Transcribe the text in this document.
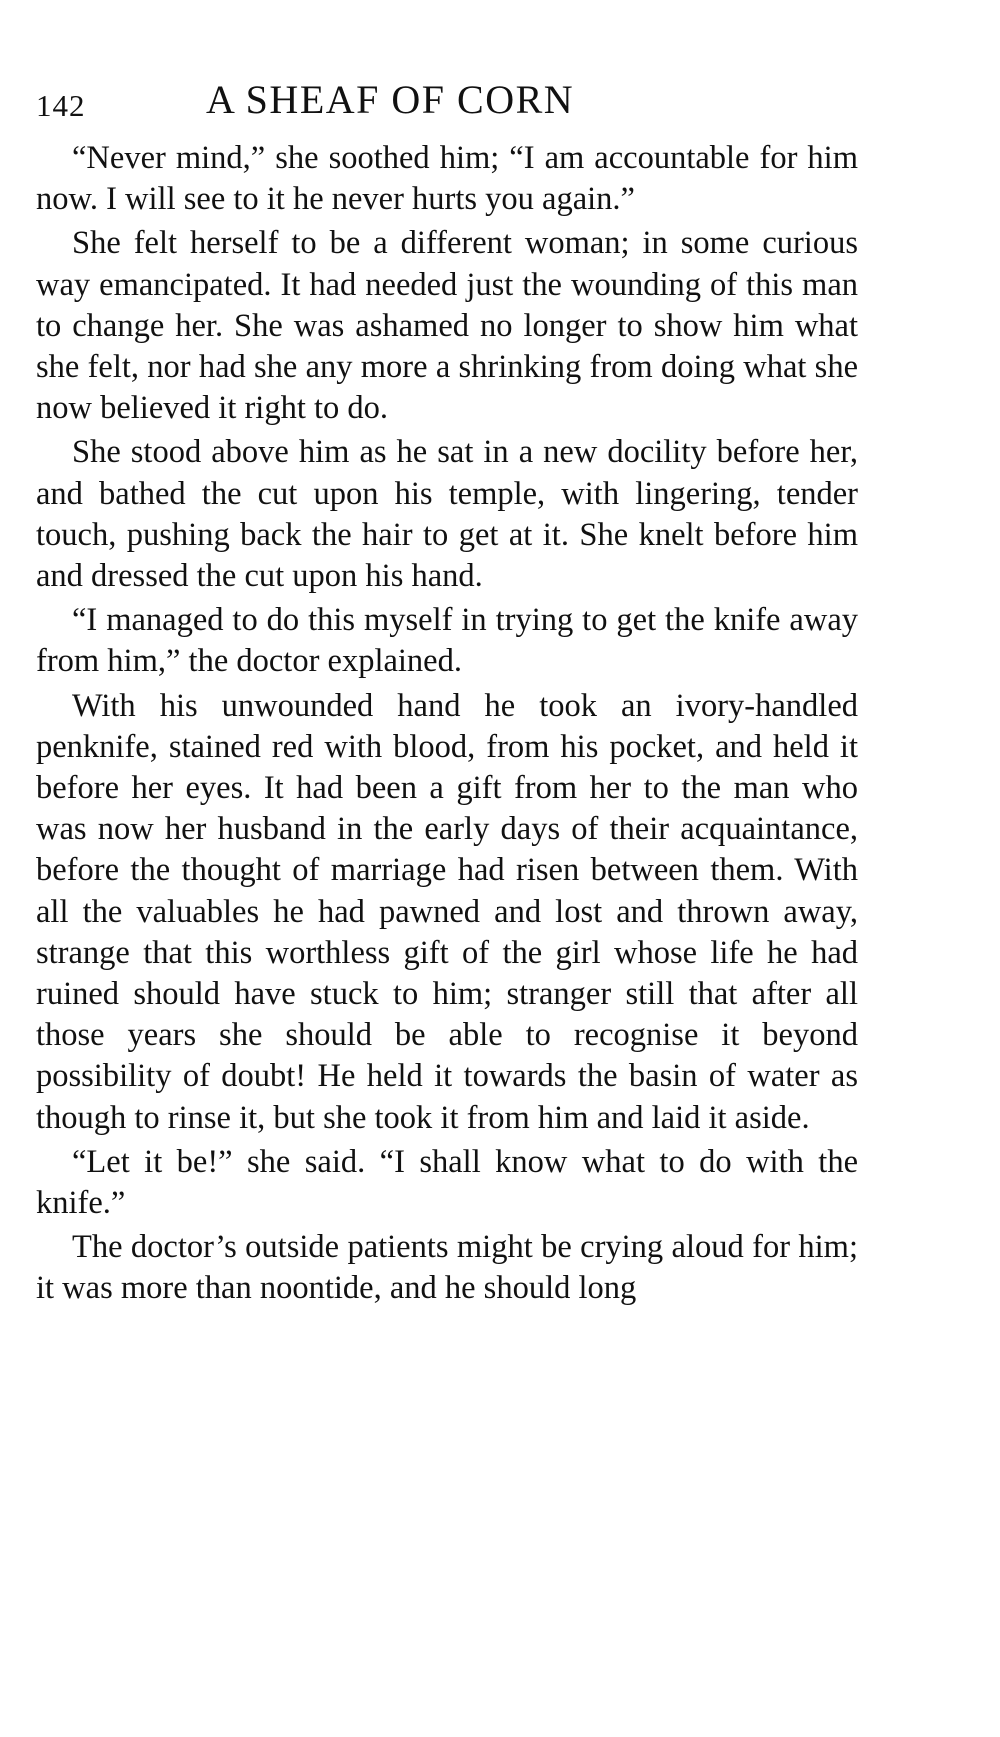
142	A SHEAF OF CORN

“Never mind,” she soothed him; “I am accountable for him now. I will see to it he never hurts you again.”

She felt herself to be a different woman; in some curious way emancipated. It had needed just the wounding of this man to change her. She was ashamed no longer to show him what she felt, nor had she any more a shrinking from doing what she now believed it right to do.

She stood above him as he sat in a new docility before her, and bathed the cut upon his temple, with lingering, tender touch, pushing back the hair to get at it. She knelt before him and dressed the cut upon his hand.

“I managed to do this myself in trying to get the knife away from him,” the doctor explained.

With his unwounded hand he took an ivory-handled penknife, stained red with blood, from his pocket, and held it before her eyes. It had been a gift from her to the man who was now her husband in the early days of their acquaintance, before the thought of marriage had risen between them. With all the valuables he had pawned and lost and thrown away, strange that this worthless gift of the girl whose life he had ruined should have stuck to him; stranger still that after all those years she should be able to recognise it beyond possibility of doubt! He held it towards the basin of water as though to rinse it, but she took it from him and laid it aside.

“Let it be!” she said. “I shall know what to do with the knife.”

The doctor’s outside patients might be crying aloud for him; it was more than noontide, and he should long
